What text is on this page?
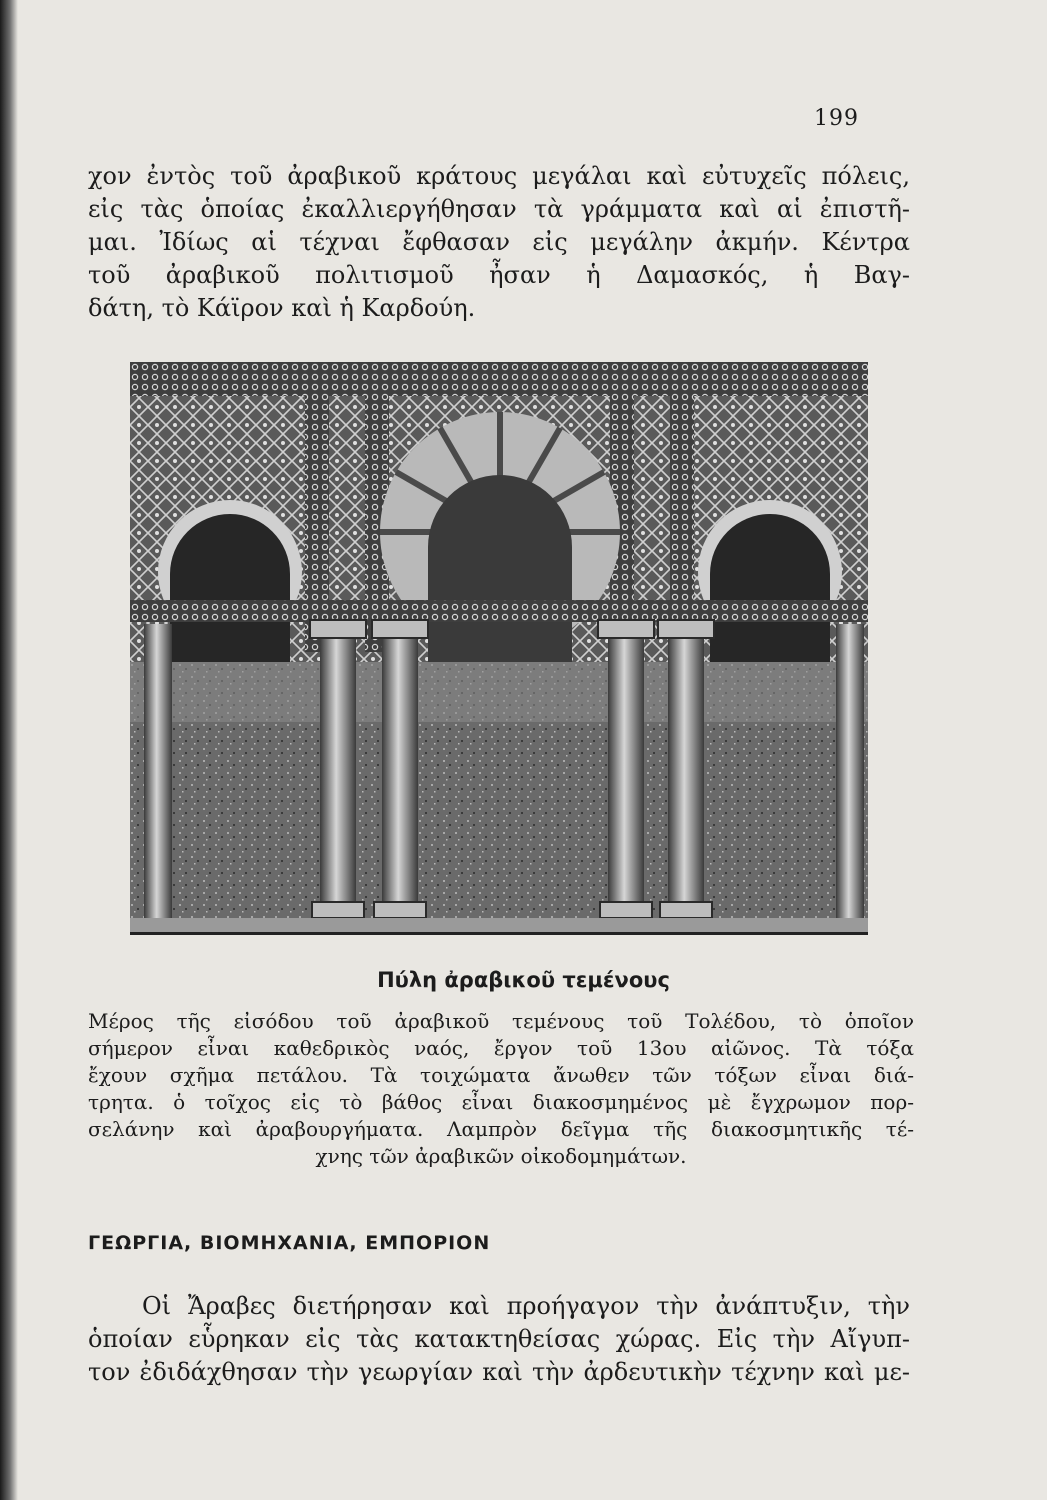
199
χον ἐντὸς τοῦ ἀραβικοῦ κράτους μεγάλαι καὶ εὐτυχεῖς πόλεις,
εἰς τὰς ὁποίας ἐκαλλιεργήθησαν τὰ γράμματα καὶ αἱ ἐπιστῆ-
μαι. Ἰδίως αἱ τέχναι ἔφθασαν εἰς μεγάλην ἀκμήν. Κέντρα
τοῦ ἀραβικοῦ πολιτισμοῦ ἦσαν ἡ Δαμασκός, ἡ Βαγ-
δάτη, τὸ Κάϊρον καὶ ἡ Καρδούη.
Πύλη ἀραβικοῦ τεμένους
Μέρος τῆς εἰσόδου τοῦ ἀραβικοῦ τεμένους τοῦ Τολέδου, τὸ ὁποῖον
σήμερον εἶναι καθεδρικὸς ναός, ἔργον τοῦ 13ου αἰῶνος. Τὰ τόξα
ἔχουν σχῆμα πετάλου. Τὰ τοιχώματα ἄνωθεν τῶν τόξων εἶναι διά-
τρητα. ὁ τοῖχος εἰς τὸ βάθος εἶναι διακοσμημένος μὲ ἔγχρωμον πορ-
σελάνην καὶ ἀραβουργήματα. Λαμπρὸν δεῖγμα τῆς διακοσμητικῆς τέ-
χνης τῶν ἀραβικῶν οἰκοδομημάτων.
ΓΕΩΡΓΙΑ, ΒΙΟΜΗΧΑΝΙΑ, ΕΜΠΟΡΙΟΝ
Οἱ Ἄραβες διετήρησαν καὶ προήγαγον τὴν ἀνάπτυξιν, τὴν
ὁποίαν εὗρηκαν εἰς τὰς κατακτηθείσας χώρας. Εἰς τὴν Αἴγυπ-
τον ἐδιδάχθησαν τὴν γεωργίαν καὶ τὴν ἀρδευτικὴν τέχνην καὶ με-
